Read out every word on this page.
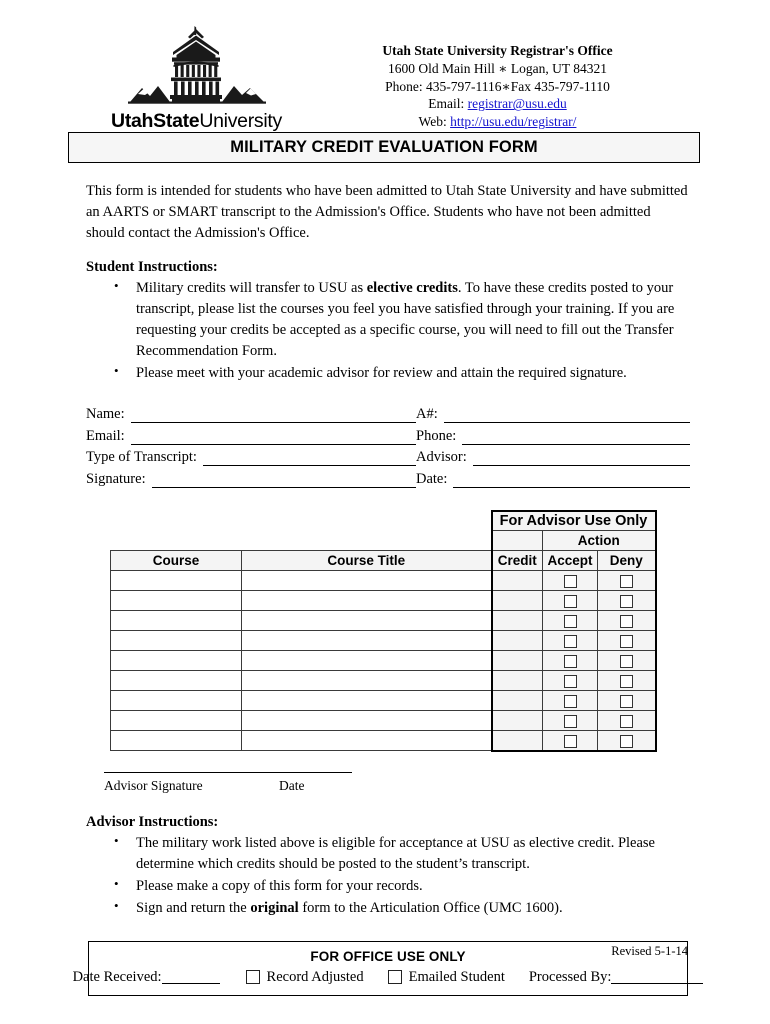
UtahStateUniversity
Utah State University Registrar's Office
1600 Old Main Hill ∗ Logan, UT 84321
Phone: 435-797-1116∗Fax 435-797-1110
Email: registrar@usu.edu
Web: http://usu.edu/registrar/
MILITARY CREDIT EVALUATION FORM
This form is intended for students who have been admitted to Utah State University and have submitted an AARTS or SMART transcript to the Admission's Office. Students who have not been admitted should contact the Admission's Office.
Student Instructions:
• Military credits will transfer to USU as elective credits. To have these credits posted to your transcript, please list the courses you feel you have satisfied through your training. If you are requesting your credits be accepted as a specific course, you will need to fill out the Transfer Recommendation Form.
• Please meet with your academic advisor for review and attain the required signature.
Name:	A#:
Email:	Phone:
Type of Transcript:	Advisor:
Signature:	Date:
		For Advisor Use Only		
			Action	
Course	Course Title	Credit	Accept	Deny

Advisor Signature	Date
Advisor Instructions:
• The military work listed above is eligible for acceptance at USU as elective credit. Please determine which credits should be posted to the student’s transcript.
• Please make a copy of this form for your records.
• Sign and return the original form to the Articulation Office (UMC 1600).
FOR OFFICE USE ONLY
Date Received:	Record Adjusted	Emailed Student Processed By:
Revised 5-1-14
